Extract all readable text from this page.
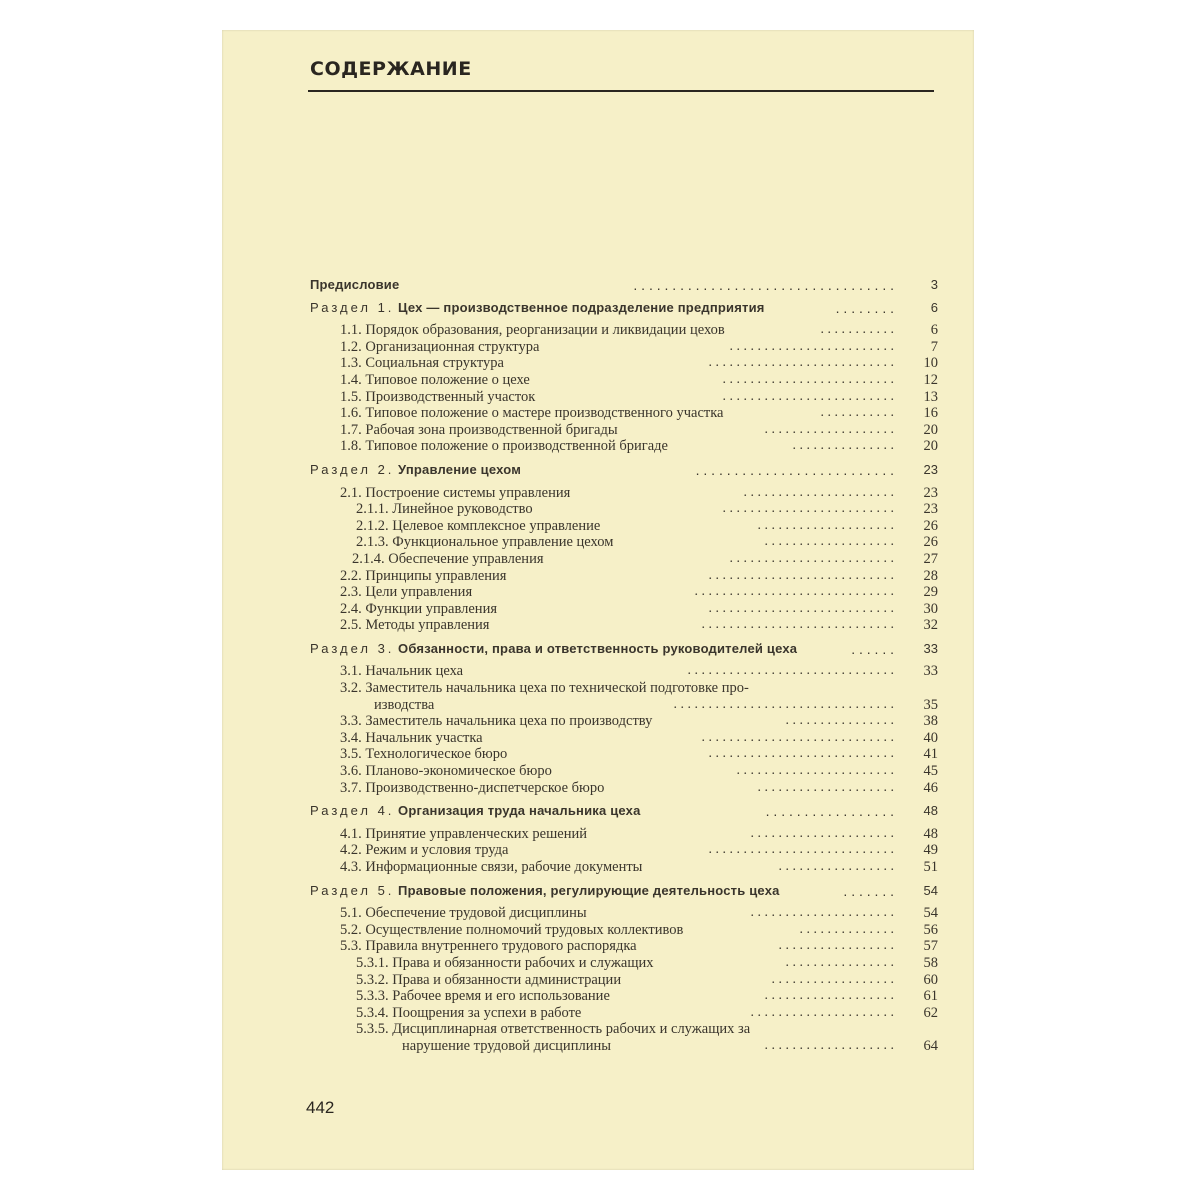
СОДЕРЖАНИЕ
Предисловие	. . . . . . . . . . . . . . . . . . . . . . . . . . . . . . . . . .	3
Раздел 1. Цех — производственное подразделение предприятия	. . . . . . . .	6
1.1. Порядок образования, реорганизации и ликвидации цехов	. . . . . . . . . . .	6
1.2. Организационная структура	. . . . . . . . . . . . . . . . . . . . . . . .	7
1.3. Социальная структура	. . . . . . . . . . . . . . . . . . . . . . . . . . .	10
1.4. Типовое положение о цехе	. . . . . . . . . . . . . . . . . . . . . . . . .	12
1.5. Производственный участок	. . . . . . . . . . . . . . . . . . . . . . . . .	13
1.6. Типовое положение о мастере производственного участка	. . . . . . . . . . .	16
1.7. Рабочая зона производственной бригады	. . . . . . . . . . . . . . . . . . .	20
1.8. Типовое положение о производственной бригаде	. . . . . . . . . . . . . . .	20
Раздел 2. Управление цехом	. . . . . . . . . . . . . . . . . . . . . . . . . .	23
2.1. Построение системы управления	. . . . . . . . . . . . . . . . . . . . . .	23
2.1.1. Линейное руководство	. . . . . . . . . . . . . . . . . . . . . . . . .	23
2.1.2. Целевое комплексное управление	. . . . . . . . . . . . . . . . . . . .	26
2.1.3. Функциональное управление цехом	. . . . . . . . . . . . . . . . . . .	26
2.1.4. Обеспечение управления	. . . . . . . . . . . . . . . . . . . . . . . .	27
2.2. Принципы управления	. . . . . . . . . . . . . . . . . . . . . . . . . . .	28
2.3. Цели управления	. . . . . . . . . . . . . . . . . . . . . . . . . . . . .	29
2.4. Функции управления	. . . . . . . . . . . . . . . . . . . . . . . . . . .	30
2.5. Методы управления	. . . . . . . . . . . . . . . . . . . . . . . . . . . .	32
Раздел 3. Обязанности, права и ответственность руководителей цеха	. . . . . .	33
3.1. Начальник цеха	. . . . . . . . . . . . . . . . . . . . . . . . . . . . . .	33
3.2. Заместитель начальника цеха по технической подготовке про-
изводства	. . . . . . . . . . . . . . . . . . . . . . . . . . . . . . . .	35
3.3. Заместитель начальника цеха по производству	. . . . . . . . . . . . . . . .	38
3.4. Начальник участка	. . . . . . . . . . . . . . . . . . . . . . . . . . . .	40
3.5. Технологическое бюро	. . . . . . . . . . . . . . . . . . . . . . . . . . .	41
3.6. Планово-экономическое бюро	. . . . . . . . . . . . . . . . . . . . . . .	45
3.7. Производственно-диспетчерское бюро	. . . . . . . . . . . . . . . . . . . .	46
Раздел 4. Организация труда начальника цеха	. . . . . . . . . . . . . . . . .	48
4.1. Принятие управленческих решений	. . . . . . . . . . . . . . . . . . . . .	48
4.2. Режим и условия труда	. . . . . . . . . . . . . . . . . . . . . . . . . . .	49
4.3. Информационные связи, рабочие документы	. . . . . . . . . . . . . . . . .	51
Раздел 5. Правовые положения, регулирующие деятельность цеха	. . . . . . .	54
5.1. Обеспечение трудовой дисциплины	. . . . . . . . . . . . . . . . . . . . .	54
5.2. Осуществление полномочий трудовых коллективов	. . . . . . . . . . . . . .	56
5.3. Правила внутреннего трудового распорядка	. . . . . . . . . . . . . . . . .	57
5.3.1. Права и обязанности рабочих и служащих	. . . . . . . . . . . . . . . .	58
5.3.2. Права и обязанности администрации	. . . . . . . . . . . . . . . . . .	60
5.3.3. Рабочее время и его использование	. . . . . . . . . . . . . . . . . . .	61
5.3.4. Поощрения за успехи в работе	. . . . . . . . . . . . . . . . . . . . .	62
5.3.5. Дисциплинарная ответственность рабочих и служащих за
нарушение трудовой дисциплины	. . . . . . . . . . . . . . . . . . .	64
442
